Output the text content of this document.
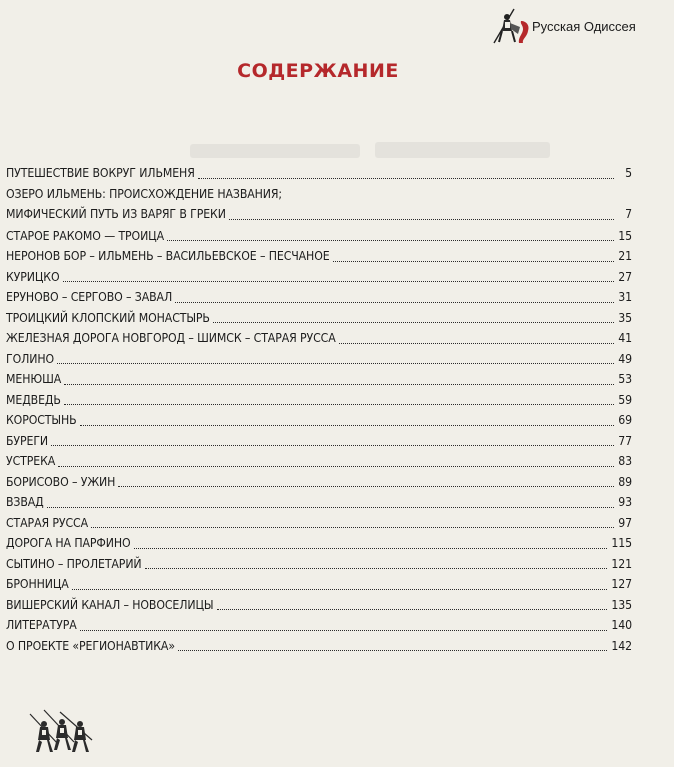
Русская Одиссея
СОДЕРЖАНИЕ
ПУТЕШЕСТВИЕ ВОКРУГ ИЛЬМЕНЯ	5
ОЗЕРО ИЛЬМЕНЬ: ПРОИСХОЖДЕНИЕ НАЗВАНИЯ;
МИФИЧЕСКИЙ ПУТЬ ИЗ ВАРЯГ В ГРЕКИ	7
СТАРОЕ РАКОМО — ТРОИЦА	15
НЕРОНОВ БОР – ИЛЬМЕНЬ – ВАСИЛЬЕВСКОЕ – ПЕСЧАНОЕ	21
КУРИЦКО	27
ЕРУНОВО – СЕРГОВО – ЗАВАЛ	31
ТРОИЦКИЙ КЛОПСКИЙ МОНАСТЫРЬ	35
ЖЕЛЕЗНАЯ ДОРОГА НОВГОРОД – ШИМСК – СТАРАЯ РУССА	41
ГОЛИНО	49
МЕНЮША	53
МЕДВЕДЬ	59
КОРОСТЫНЬ	69
БУРЕГИ	77
УСТРЕКА	83
БОРИСОВО – УЖИН	89
ВЗВАД	93
СТАРАЯ РУССА	97
ДОРОГА НА ПАРФИНО	115
СЫТИНО – ПРОЛЕТАРИЙ	121
БРОННИЦА	127
ВИШЕРСКИЙ КАНАЛ – НОВОСЕЛИЦЫ	135
ЛИТЕРАТУРА	140
О ПРОЕКТЕ «РЕГИОНАВТИКА»	142
